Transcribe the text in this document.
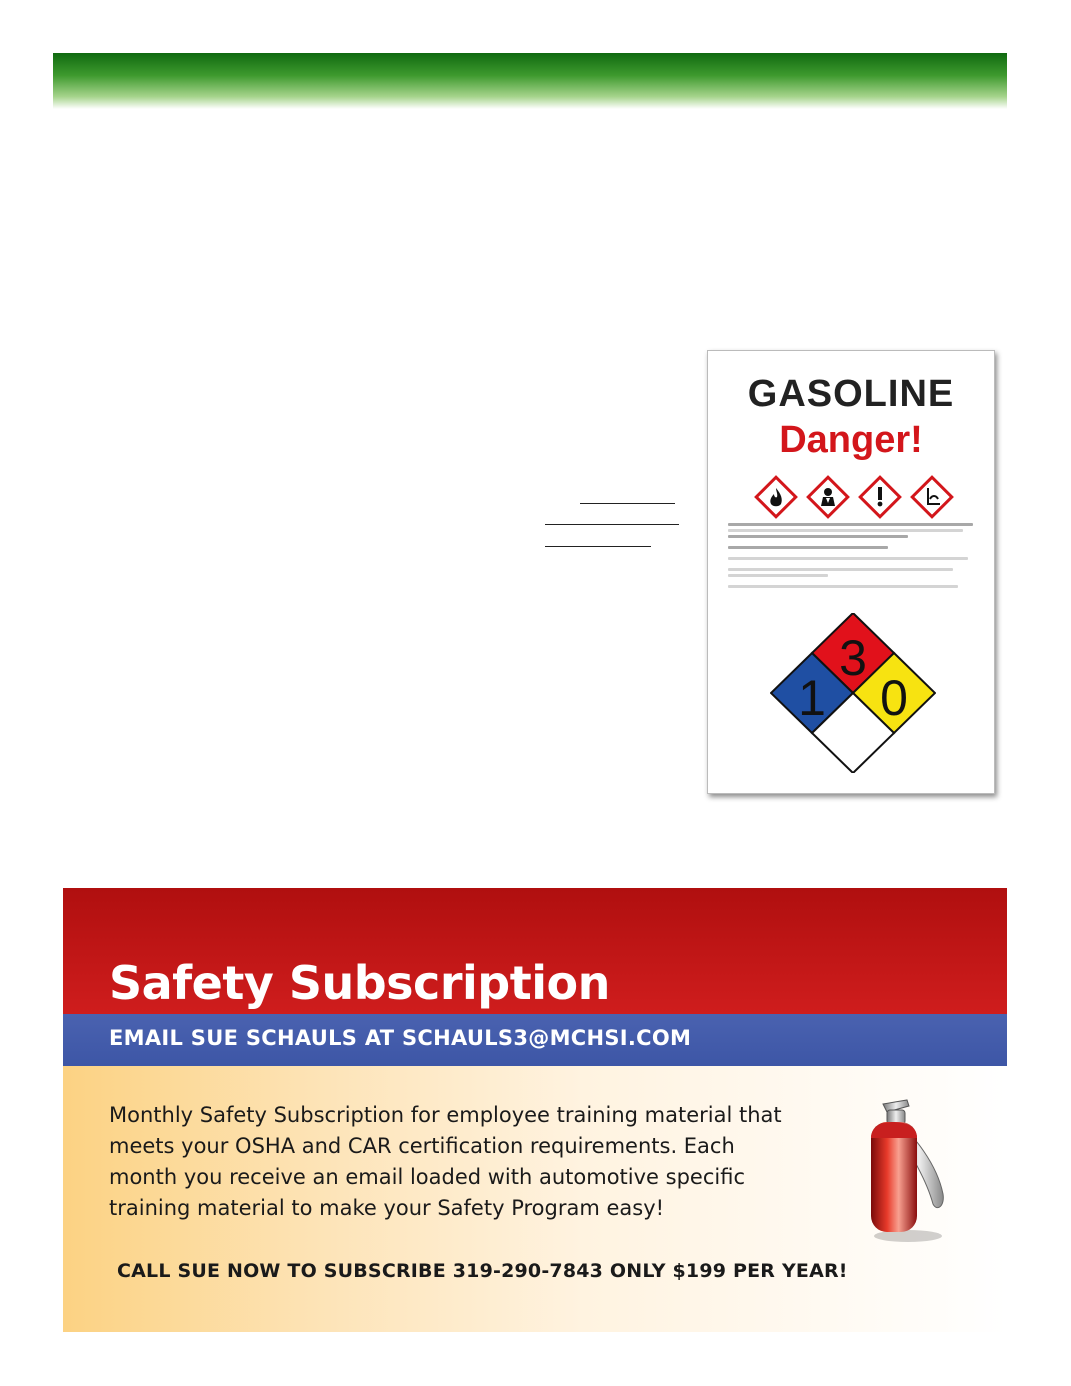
GASOLINE
Danger!
3
1 0
Safety Subscription
EMAIL SUE SCHAULS AT SCHAULS3@MCHSI.COM

Monthly Safety Subscription for employee training material that
meets your OSHA and CAR certification requirements. Each
month you receive an email loaded with automotive specific
training material to make your Safety Program easy!

CALL SUE NOW TO SUBSCRIBE 319-290-7843 ONLY $199 PER YEAR!
